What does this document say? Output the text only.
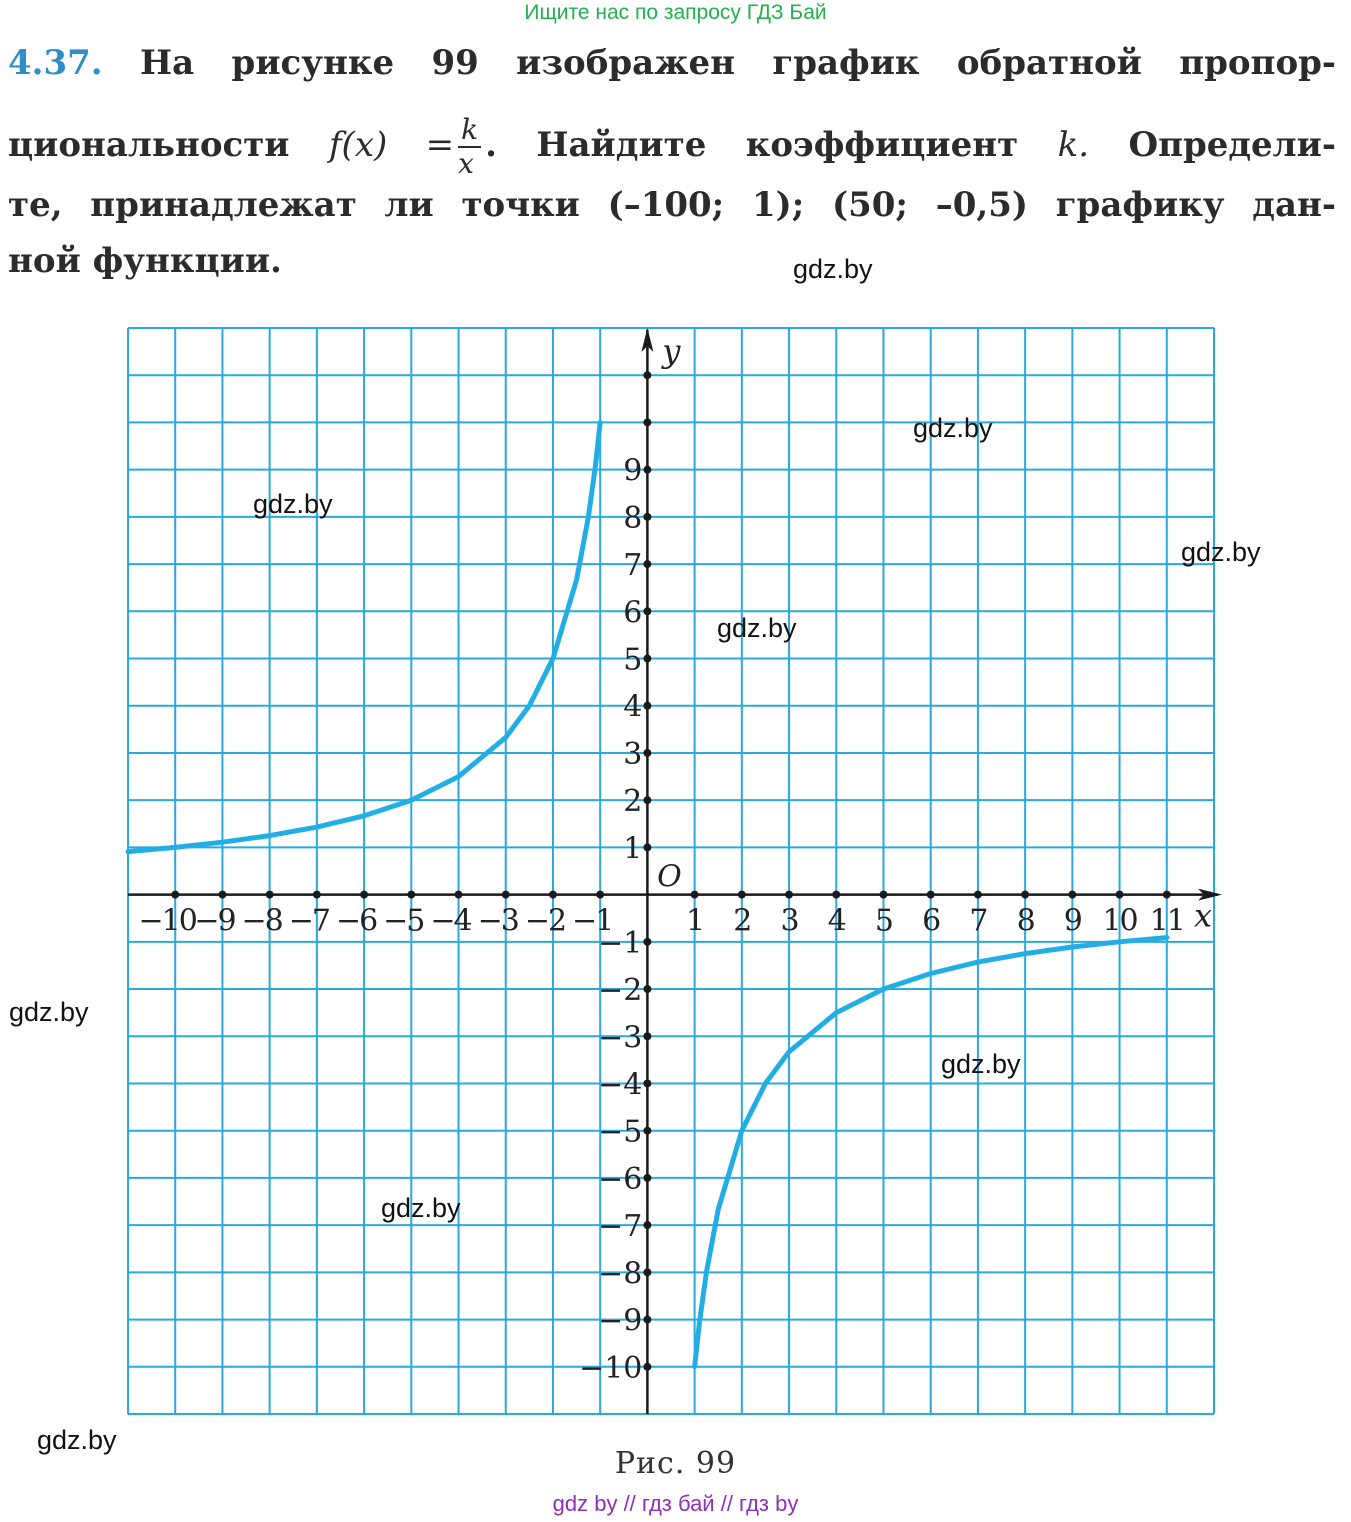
Ищите нас по запросу ГДЗ Бай
4.37. На рисунке 99 изображен график обратной пропор-
циональности $f(x) = \frac{k}{x}$ . Найдите коэффициент k. Определи-
те, принадлежат ли точки (–100; 1); (50; –0,5) графику дан-
ной функции.
−10
−9 −8 −7 −6 −5 −4 −3 −2 −1 1 2 3 4 5 6 7 8 9 10 11
1
2
3
4
5
6
7
8
9
−1
−2
−3
−4
−5
−6
−7
−8
−9
−10
x
y
O
gdz.by
gdz.by
gdz.by
gdz.by
gdz.by
gdz.by
gdz.by
gdz.by
gdz.by
Рис. 99
gdz by // гдз бай // гдз by
